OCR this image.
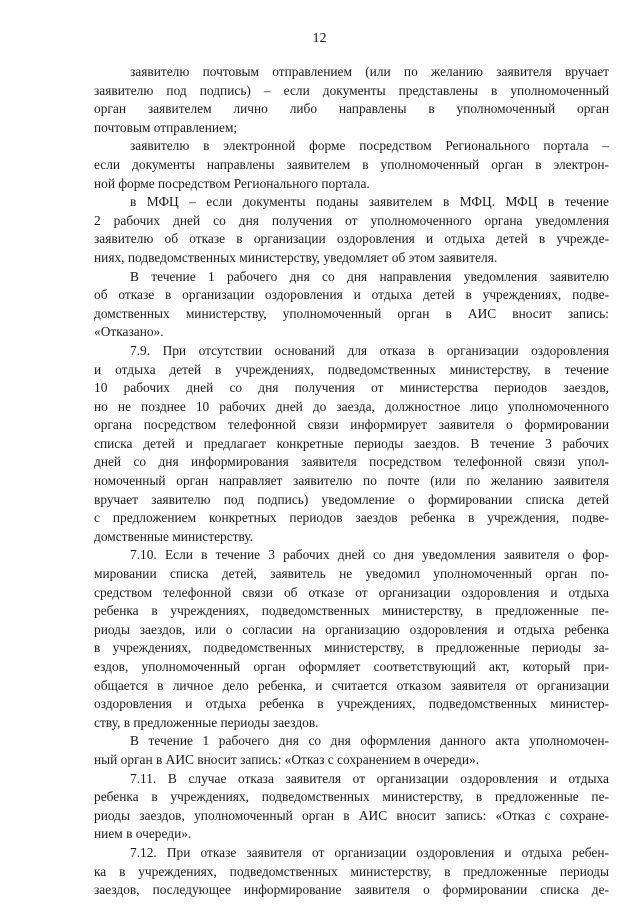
12
заявителю почтовым отправлением (или по желанию заявителя вручает
заявителю под подпись) – если документы представлены в уполномоченный
орган заявителем лично либо направлены в уполномоченный орган
почтовым отправлением;
заявителю в электронной форме посредством Регионального портала –
если документы направлены заявителем в уполномоченный орган в электрон-
ной форме посредством Регионального портала.
в МФЦ – если документы поданы заявителем в МФЦ. МФЦ в течение
2 рабочих дней со дня получения от уполномоченного органа уведомления
заявителю об отказе в организации оздоровления и отдыха детей в учрежде-
ниях, подведомственных министерству, уведомляет об этом заявителя.
В течение 1 рабочего дня со дня направления уведомления заявителю
об отказе в организации оздоровления и отдыха детей в учреждениях, подве-
домственных министерству, уполномоченный орган в АИС вносит запись:
«Отказано».
7.9. При отсутствии оснований для отказа в организации оздоровления
и отдыха детей в учреждениях, подведомственных министерству, в течение
10 рабочих дней со дня получения от министерства периодов заездов,
но не позднее 10 рабочих дней до заезда, должностное лицо уполномоченного
органа посредством телефонной связи информирует заявителя о формировании
списка детей и предлагает конкретные периоды заездов. В течение 3 рабочих
дней со дня информирования заявителя посредством телефонной связи упол-
номоченный орган направляет заявителю по почте (или по желанию заявителя
вручает заявителю под подпись) уведомление о формировании списка детей
с предложением конкретных периодов заездов ребенка в учреждения, подве-
домственные министерству.
7.10. Если в течение 3 рабочих дней со дня уведомления заявителя о фор-
мировании списка детей, заявитель не уведомил уполномоченный орган по-
средством телефонной связи об отказе от организации оздоровления и отдыха
ребенка в учреждениях, подведомственных министерству, в предложенные пе-
риоды заездов, или о согласии на организацию оздоровления и отдыха ребенка
в учреждениях, подведомственных министерству, в предложенные периоды за-
ездов, уполномоченный орган оформляет соответствующий акт, который при-
общается в личное дело ребенка, и считается отказом заявителя от организации
оздоровления и отдыха ребенка в учреждениях, подведомственных министер-
ству, в предложенные периоды заездов.
В течение 1 рабочего дня со дня оформления данного акта уполномочен-
ный орган в АИС вносит запись: «Отказ с сохранением в очереди».
7.11. В случае отказа заявителя от организации оздоровления и отдыха
ребенка в учреждениях, подведомственных министерству, в предложенные пе-
риоды заездов, уполномоченный орган в АИС вносит запись: «Отказ с сохране-
нием в очереди».
7.12. При отказе заявителя от организации оздоровления и отдыха ребен-
ка в учреждениях, подведомственных министерству, в предложенные периоды
заездов, последующее информирование заявителя о формировании списка де-
